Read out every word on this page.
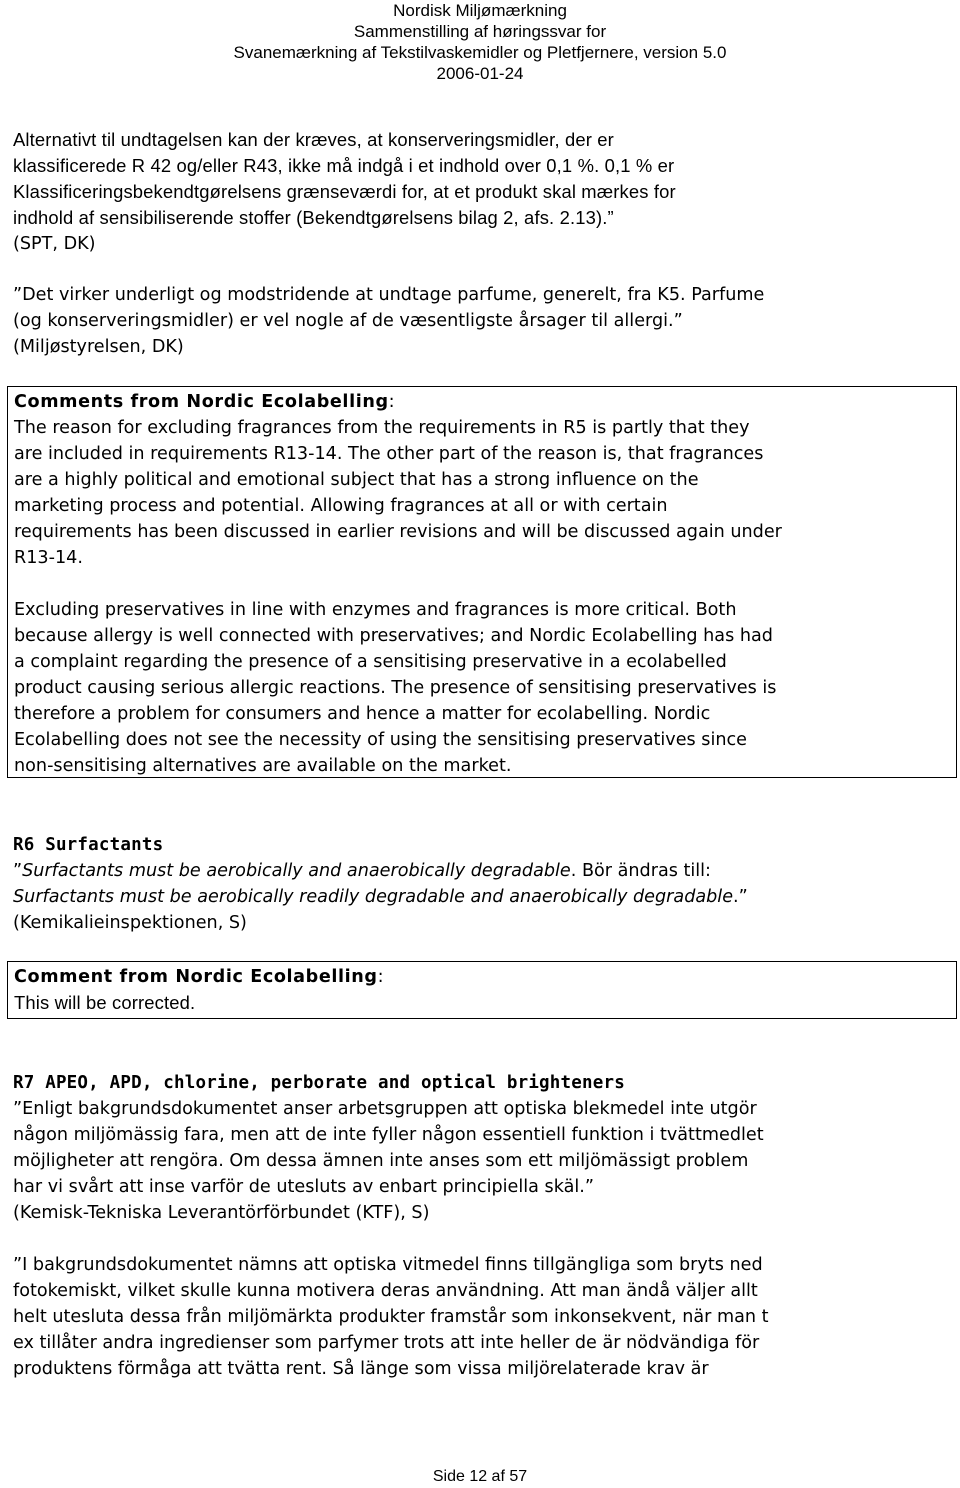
Nordisk Miljømærkning
Sammenstilling af høringssvar for
Svanemærkning af Tekstilvaskemidler og Pletfjernere, version 5.0
2006-01-24

Alternativt til undtagelsen kan der kræves, at konserveringsmidler, der er
klassificerede R 42 og/eller R43, ikke må indgå i et indhold over 0,1 %. 0,1 % er
Klassificeringsbekendtgørelsens grænseværdi for, at et produkt skal mærkes for
indhold af sensibiliserende stoffer (Bekendtgørelsens bilag 2, afs. 2.13).”

(SPT, DK)

”Det virker underligt og modstridende at undtage parfume, generelt, fra K5. Parfume
(og konserveringsmidler) er vel nogle af de væsentligste årsager til allergi.”

(Miljøstyrelsen, DK)

Comments from Nordic Ecolabelling:

The reason for excluding fragrances from the requirements in R5 is partly that they
are included in requirements R13-14. The other part of the reason is, that fragrances
are a highly political and emotional subject that has a strong influence on the
marketing process and potential. Allowing fragrances at all or with certain
requirements has been discussed in earlier revisions and will be discussed again under
R13-14.

Excluding preservatives in line with enzymes and fragrances is more critical. Both
because allergy is well connected with preservatives; and Nordic Ecolabelling has had
a complaint regarding the presence of a sensitising preservative in a ecolabelled
product causing serious allergic reactions. The presence of sensitising preservatives is
therefore a problem for consumers and hence a matter for ecolabelling. Nordic
Ecolabelling does not see the necessity of using the sensitising preservatives since
non-sensitising alternatives are available on the market.

R6 Surfactants

”Surfactants must be aerobically and anaerobically degradable. Bör ändras till:
Surfactants must be aerobically readily degradable and anaerobically degradable.”

(Kemikalieinspektionen, S)

Comment from Nordic Ecolabelling:

This will be corrected.

R7 APEO, APD, chlorine, perborate and optical brighteners

”Enligt bakgrundsdokumentet anser arbetsgruppen att optiska blekmedel inte utgör
någon miljömässig fara, men att de inte fyller någon essentiell funktion i tvättmedlet
möjligheter att rengöra. Om dessa ämnen inte anses som ett miljömässigt problem
har vi svårt att inse varför de utesluts av enbart principiella skäl.”

(Kemisk-Tekniska Leverantörförbundet (KTF), S)

”I bakgrundsdokumentet nämns att optiska vitmedel finns tillgängliga som bryts ned
fotokemiskt, vilket skulle kunna motivera deras användning. Att man ändå väljer allt
helt utesluta dessa från miljömärkta produkter framstår som inkonsekvent, när man t
ex tillåter andra ingredienser som parfymer trots att inte heller de är nödvändiga för
produktens förmåga att tvätta rent. Så länge som vissa miljörelaterade krav är

Side 12 af 57
